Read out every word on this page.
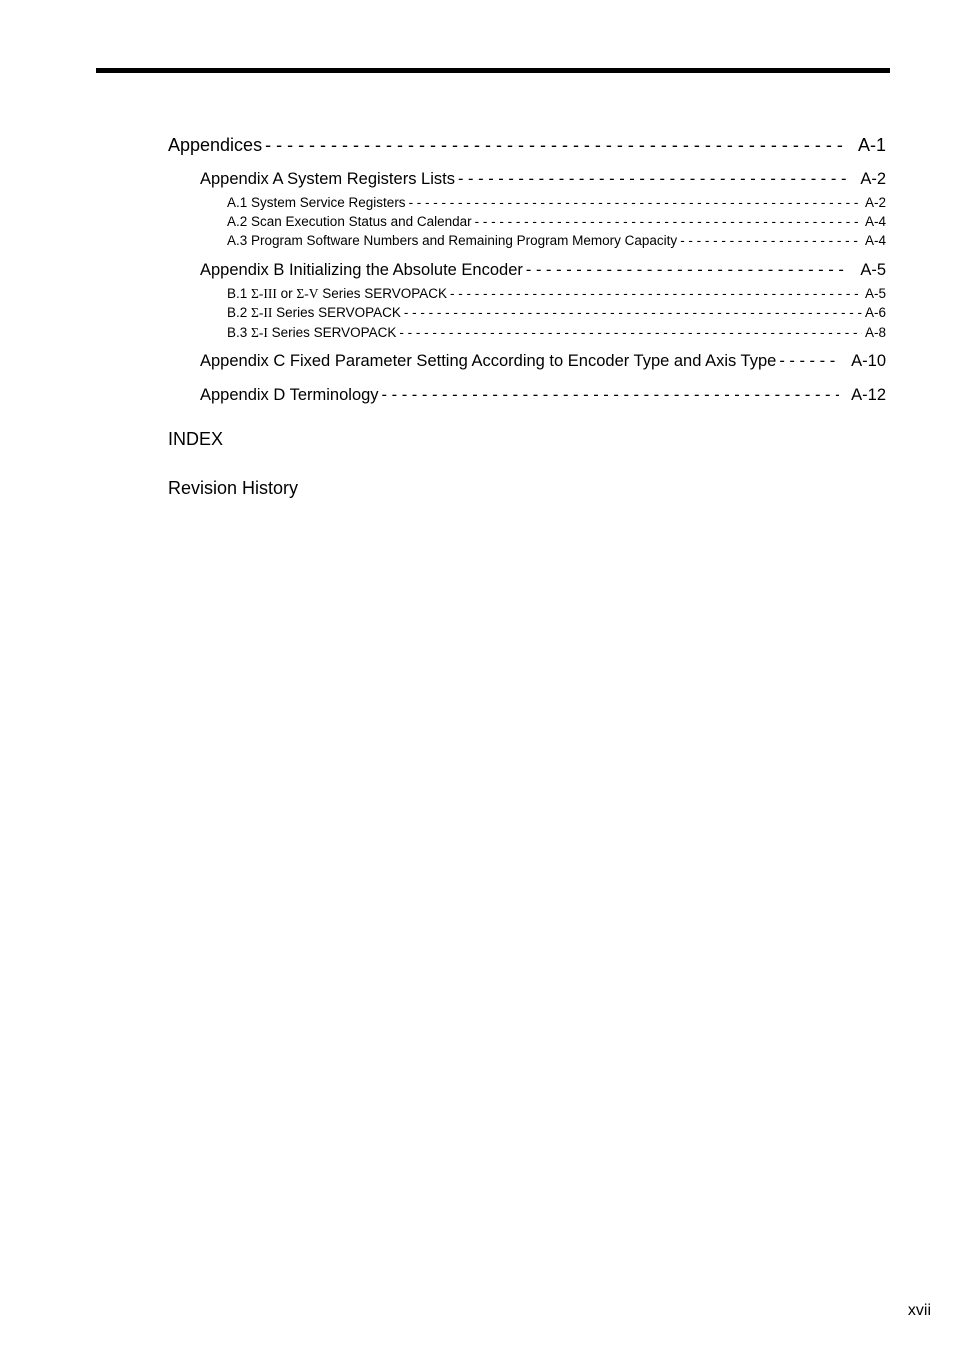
Appendices - - -	A-1
Appendix A System Registers Lists - - -	A-2
A.1 System Service Registers - - -	A-2
A.2 Scan Execution Status and Calendar - - -	A-4
A.3 Program Software Numbers and Remaining Program Memory Capacity - - -	A-4
Appendix B Initializing the Absolute Encoder - - -	A-5
B.1 Σ-III or Σ-V Series SERVOPACK - - -	A-5
B.2 Σ-II Series SERVOPACK - - -	A-6
B.3 Σ-I Series SERVOPACK - - -	A-8
Appendix C Fixed Parameter Setting According to Encoder Type and Axis Type - - -	A-10
Appendix D Terminology - - -	A-12
INDEX
Revision History
xvii
